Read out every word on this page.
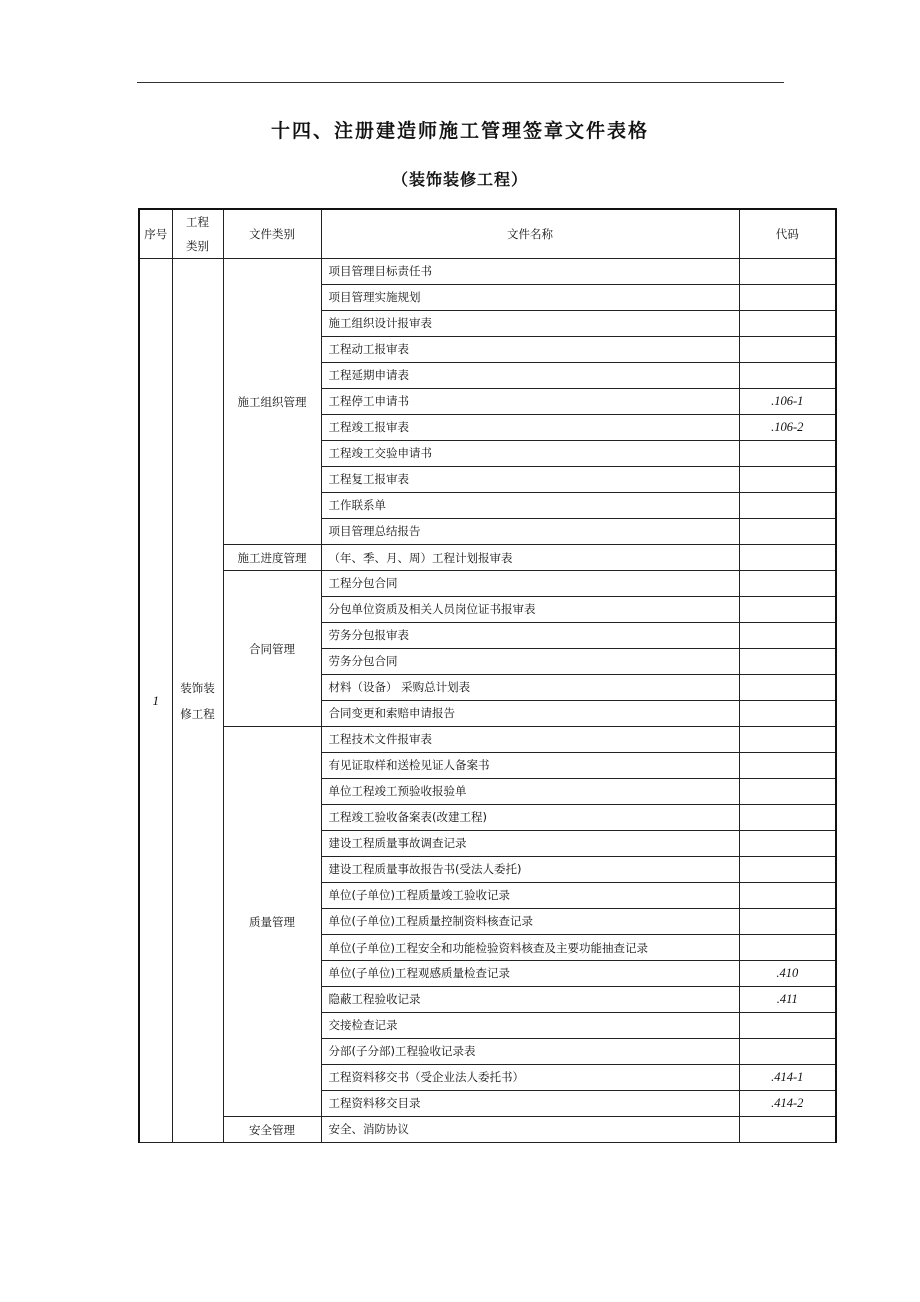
十四、注册建造师施工管理签章文件表格
（装饰装修工程）
序号	工程类别	文件类别	文件名称	代码
1	装饰装修工程	施工组织管理	项目管理目标责任书	
			项目管理实施规划	
			施工组织设计报审表	
			工程动工报审表	
			工程延期申请表	
			工程停工申请书	.106-1
			工程竣工报审表	.106-2
			工程竣工交验申请书	
			工程复工报审表	
			工作联系单	
			项目管理总结报告	
		施工进度管理	（年、季、月、周）工程计划报审表	
		合同管理	工程分包合同	
			分包单位资质及相关人员岗位证书报审表	
			劳务分包报审表	
			劳务分包合同	
			材料（设备） 采购总计划表	
			合同变更和索赔申请报告	
		质量管理	工程技术文件报审表	
			有见证取样和送检见证人备案书	
			单位工程竣工预验收报验单	
			工程竣工验收备案表(改建工程)	
			建设工程质量事故调查记录	
			建设工程质量事故报告书(受法人委托)	
			单位(子单位)工程质量竣工验收记录	
			单位(子单位)工程质量控制资料核查记录	
			单位(子单位)工程安全和功能检验资料核查及主要功能抽查记录	
			单位(子单位)工程观感质量检查记录	.410
			隐蔽工程验收记录	.411
			交接检查记录	
			分部(子分部)工程验收记录表	
			工程资料移交书（受企业法人委托书）	.414-1
			工程资料移交目录	.414-2
		安全管理	安全、消防协议	
